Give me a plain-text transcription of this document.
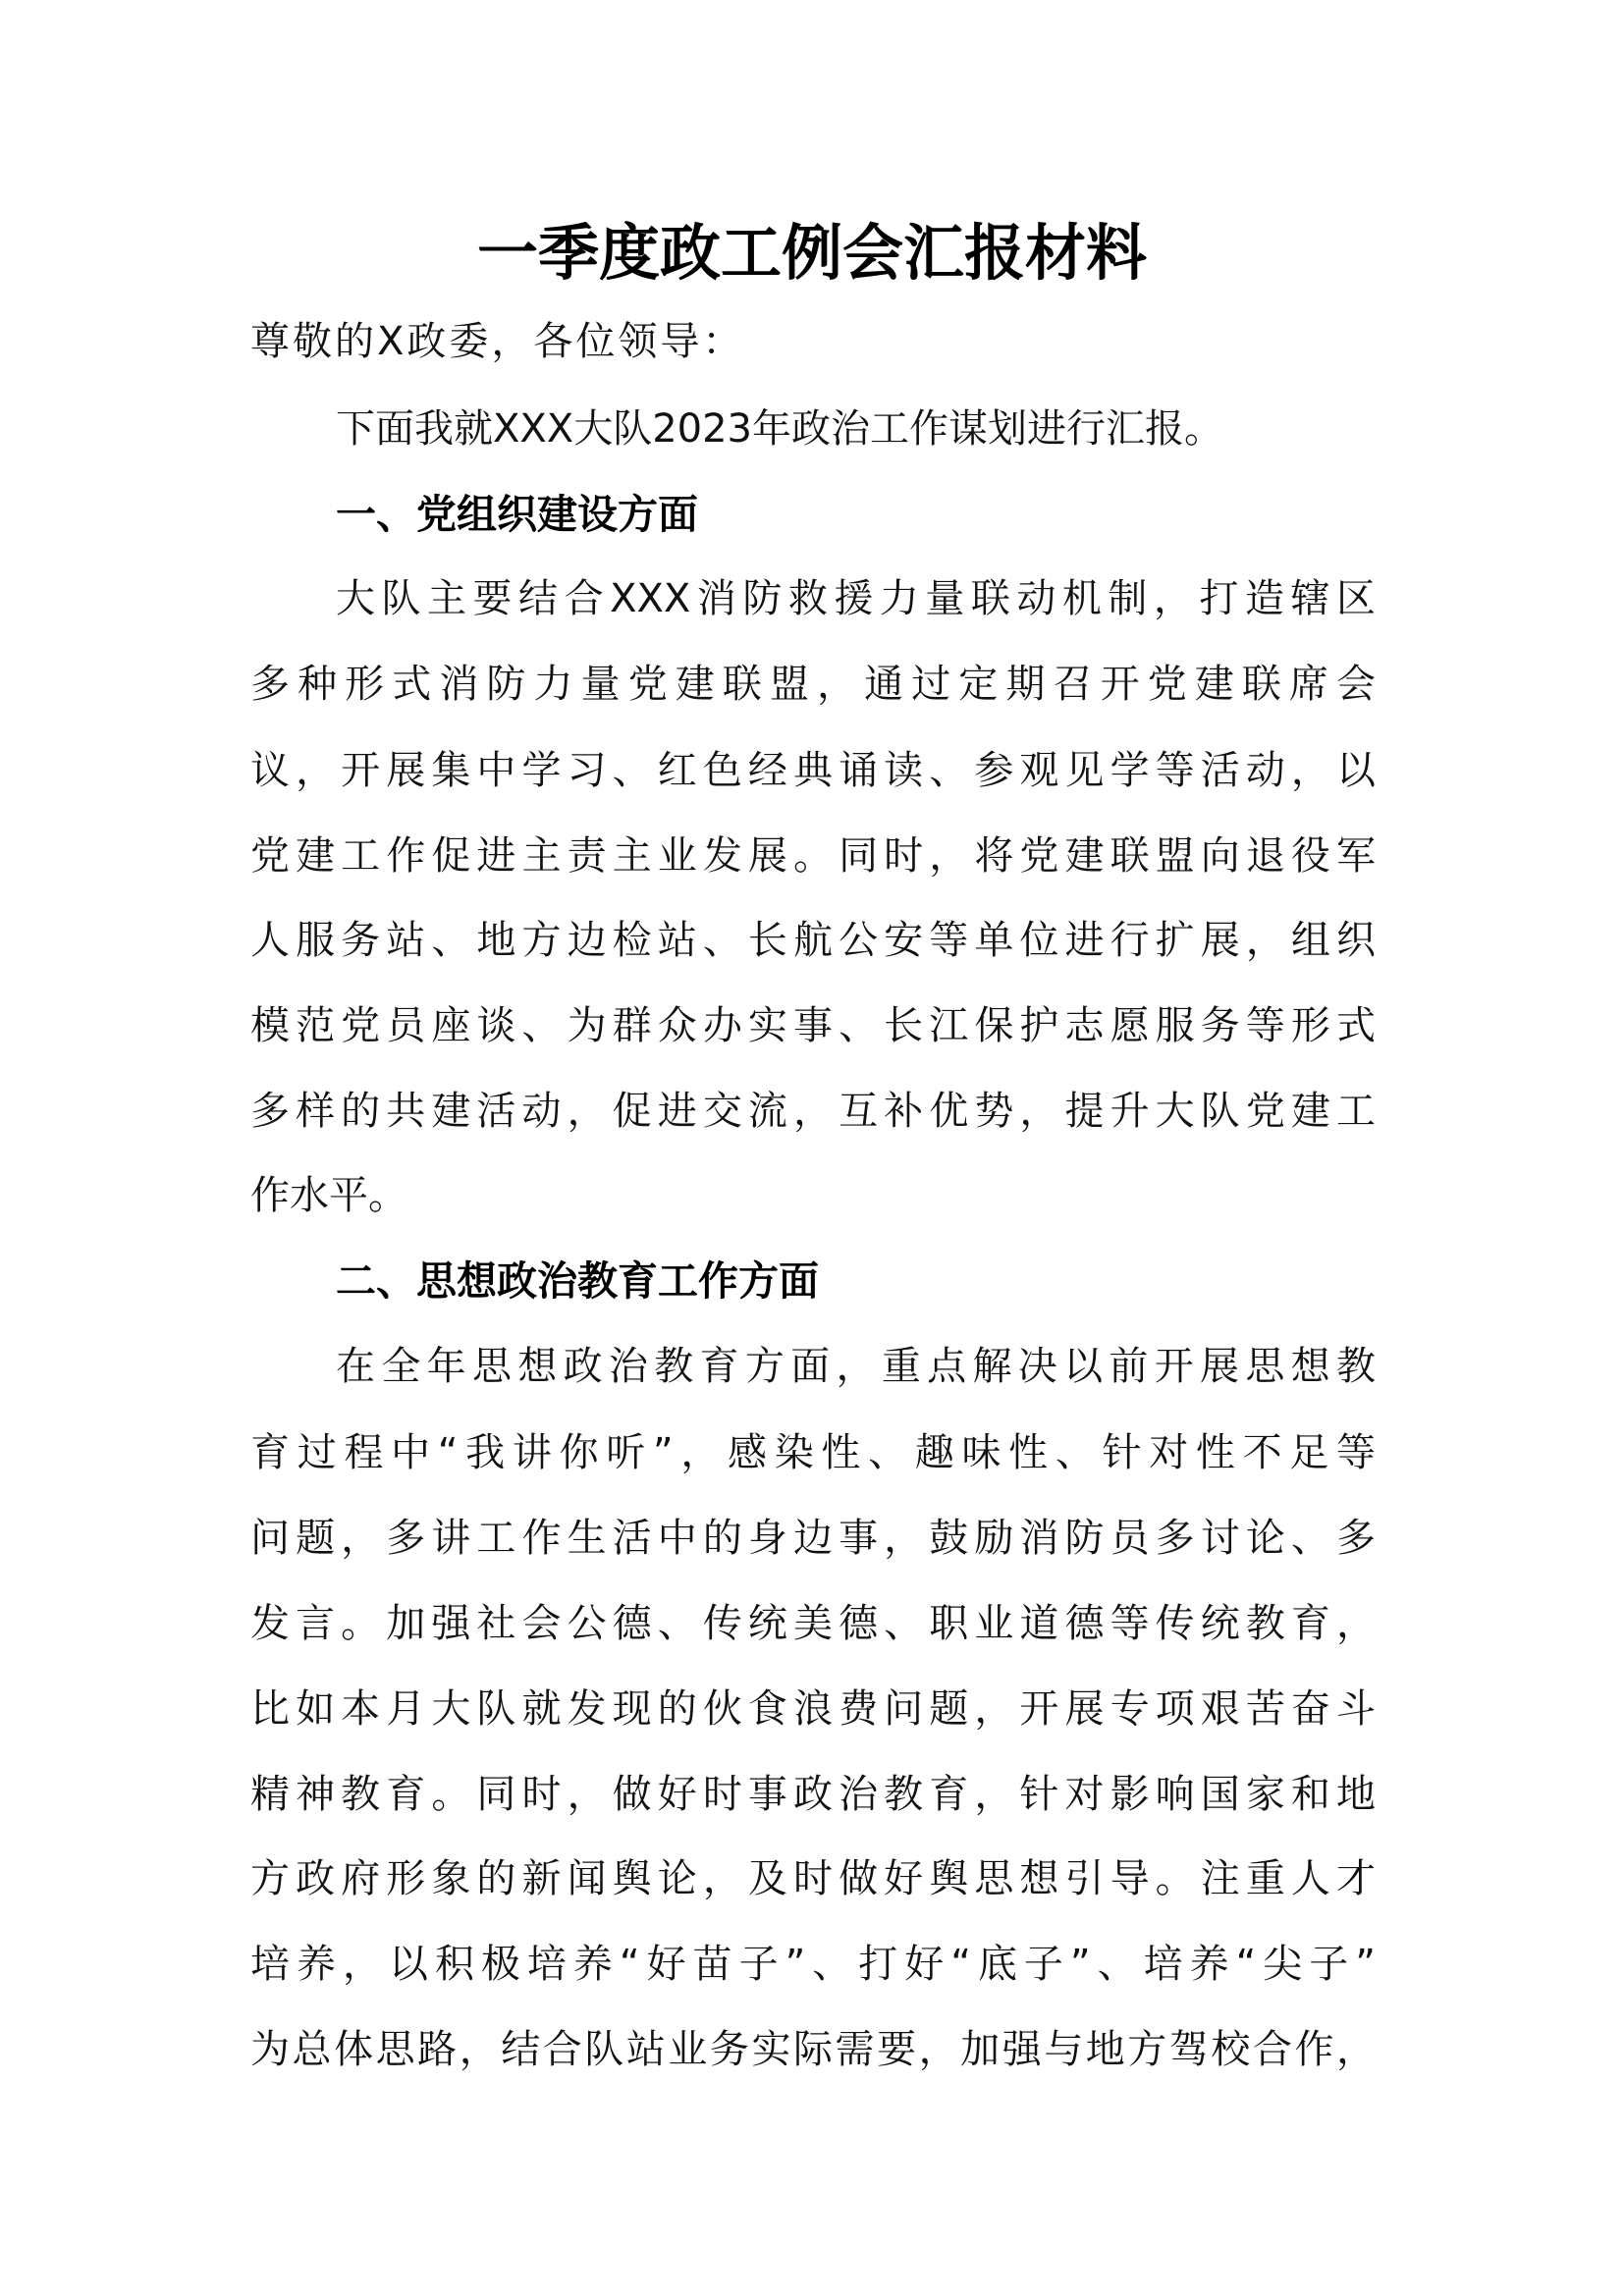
一季度政工例会汇报材料
尊敬的X政委，各位领导：
下面我就XXX大队2023年政治工作谋划进行汇报。
一、党组织建设方面
大队主要结合XXX消防救援力量联动机制，打造辖区
多种形式消防力量党建联盟，通过定期召开党建联席会
议，开展集中学习、红色经典诵读、参观见学等活动，以
党建工作促进主责主业发展。同时，将党建联盟向退役军
人服务站、地方边检站、长航公安等单位进行扩展，组织
模范党员座谈、为群众办实事、长江保护志愿服务等形式
多样的共建活动，促进交流，互补优势，提升大队党建工
作水平。
二、思想政治教育工作方面
在全年思想政治教育方面，重点解决以前开展思想教
育过程中“我讲你听”，感染性、趣味性、针对性不足等
问题，多讲工作生活中的身边事，鼓励消防员多讨论、多
发言。加强社会公德、传统美德、职业道德等传统教育，
比如本月大队就发现的伙食浪费问题，开展专项艰苦奋斗
精神教育。同时，做好时事政治教育，针对影响国家和地
方政府形象的新闻舆论，及时做好舆思想引导。注重人才
培养，以积极培养“好苗子”、打好“底子”、培养“尖子”
为总体思路，结合队站业务实际需要，加强与地方驾校合作，
